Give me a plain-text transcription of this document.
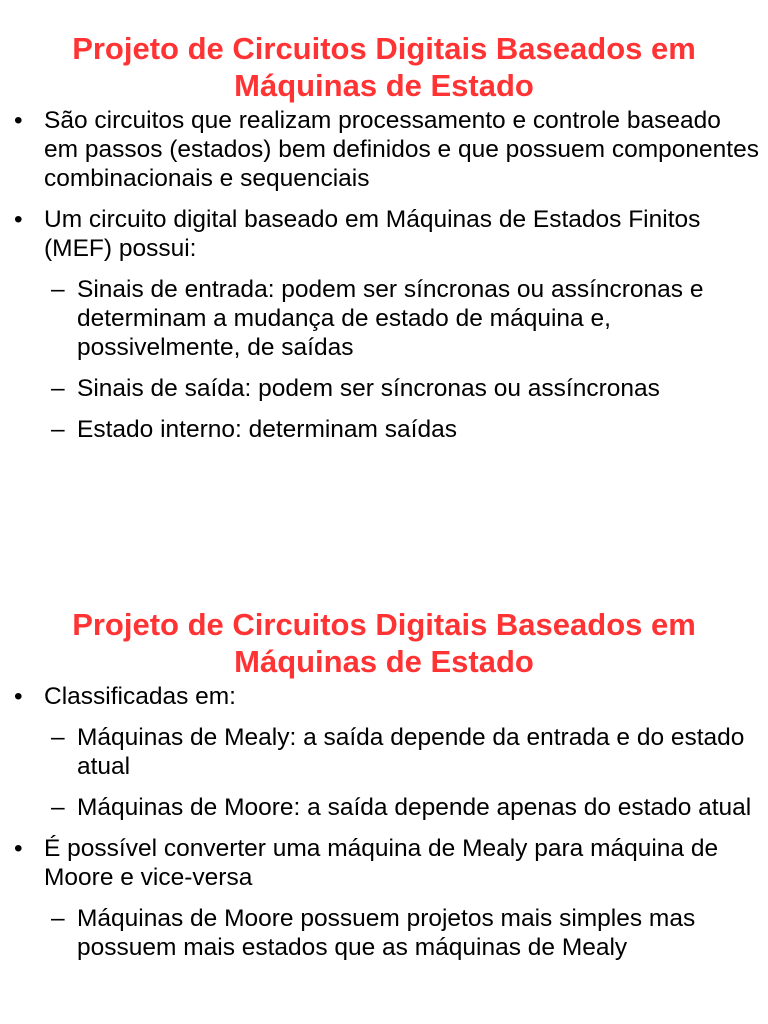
Projeto de Circuitos Digitais Baseados em
Máquinas de Estado
• São circuitos que realizam processamento e controle baseado em passos (estados) bem definidos e que possuem componentes combinacionais e sequenciais
• Um circuito digital baseado em Máquinas de Estados Finitos (MEF) possui:
– Sinais de entrada: podem ser síncronas ou assíncronas e determinam a mudança de estado de máquina e, possivelmente, de saídas
– Sinais de saída: podem ser síncronas ou assíncronas
– Estado interno: determinam saídas
Projeto de Circuitos Digitais Baseados em
Máquinas de Estado
• Classificadas em:
– Máquinas de Mealy: a saída depende da entrada e do estado atual
– Máquinas de Moore: a saída depende apenas do estado atual
• É possível converter uma máquina de Mealy para máquina de Moore e vice-versa
– Máquinas de Moore possuem projetos mais simples mas possuem mais estados que as máquinas de Mealy
